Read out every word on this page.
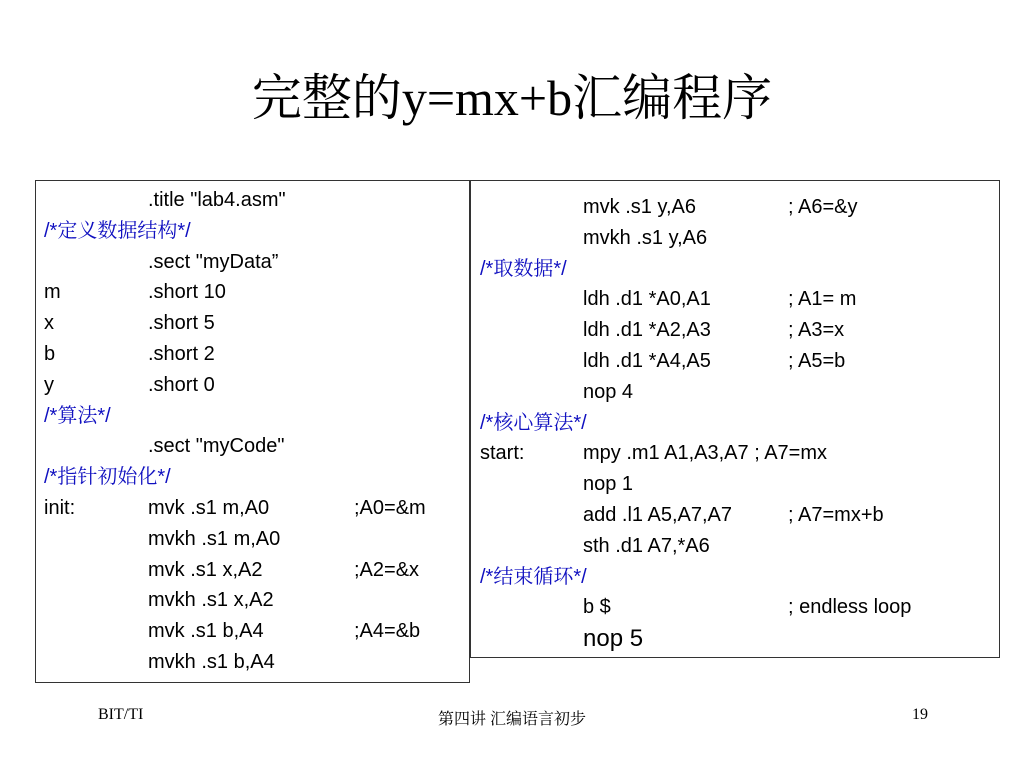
完整的y=mx+b汇编程序
.title "lab4.asm"
/*定义数据结构*/
.sect "myData”
m	.short 10
x	.short 5
b	.short 2
y	.short 0
/*算法*/
.sect "myCode"
/*指针初始化*/
init:	mvk .s1 m,A0	;A0=&m
mvkh .s1 m,A0
mvk .s1 x,A2	;A2=&x
mvkh .s1 x,A2
mvk .s1 b,A4	;A4=&b
mvkh .s1 b,A4
mvk .s1 y,A6	; A6=&y
mvkh .s1 y,A6
/*取数据*/
ldh .d1 *A0,A1	; A1= m
ldh .d1 *A2,A3	; A3=x
ldh .d1 *A4,A5	; A5=b
nop 4
/*核心算法*/
start:	mpy .m1 A1,A3,A7 ; A7=mx
nop 1
add .l1 A5,A7,A7	; A7=mx+b
sth .d1 A7,*A6
/*结束循环*/
b $	; endless loop
nop 5
BIT/TI	第四讲 汇编语言初步	19
